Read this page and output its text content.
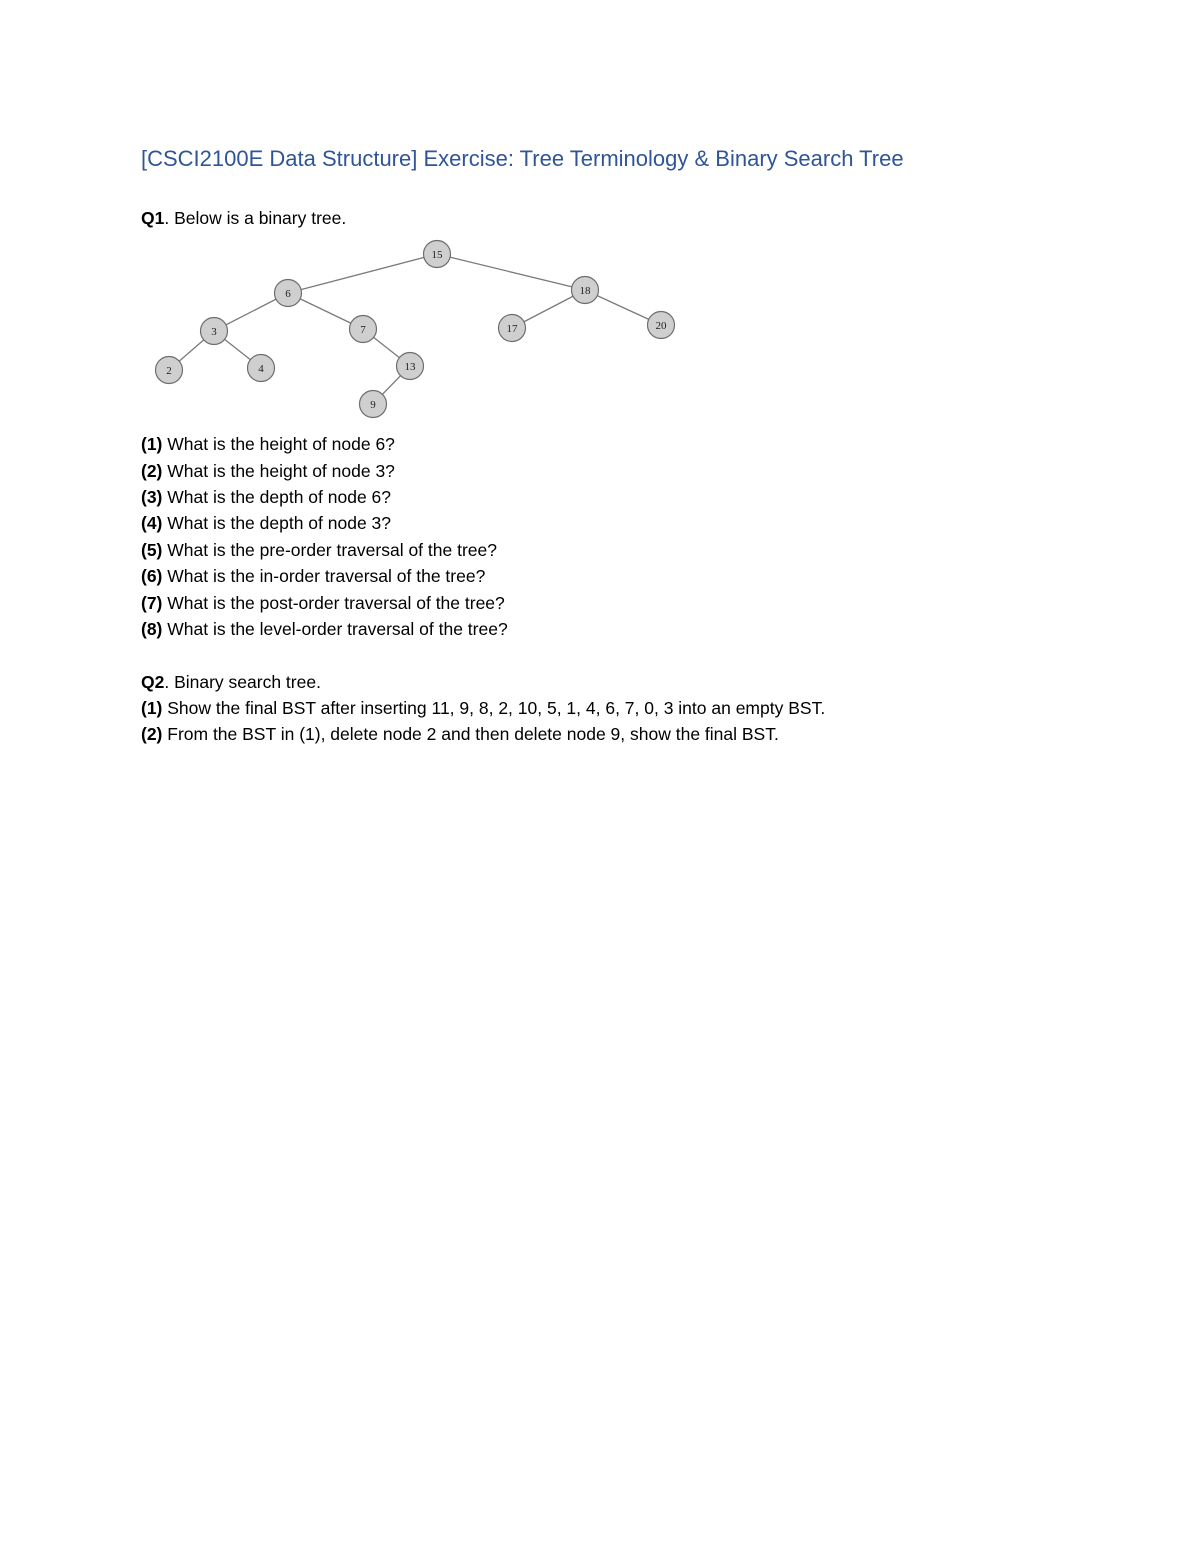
[CSCI2100E Data Structure] Exercise: Tree Terminology & Binary Search Tree
Q1. Below is a binary tree.
15
6	18
3	7	17	20
2	4	13
9
(1) What is the height of node 6?
(2) What is the height of node 3?
(3) What is the depth of node 6?
(4) What is the depth of node 3?
(5) What is the pre-order traversal of the tree?
(6) What is the in-order traversal of the tree?
(7) What is the post-order traversal of the tree?
(8) What is the level-order traversal of the tree?
Q2. Binary search tree.
(1) Show the final BST after inserting 11, 9, 8, 2, 10, 5, 1, 4, 6, 7, 0, 3 into an empty BST.
(2) From the BST in (1), delete node 2 and then delete node 9, show the final BST.
